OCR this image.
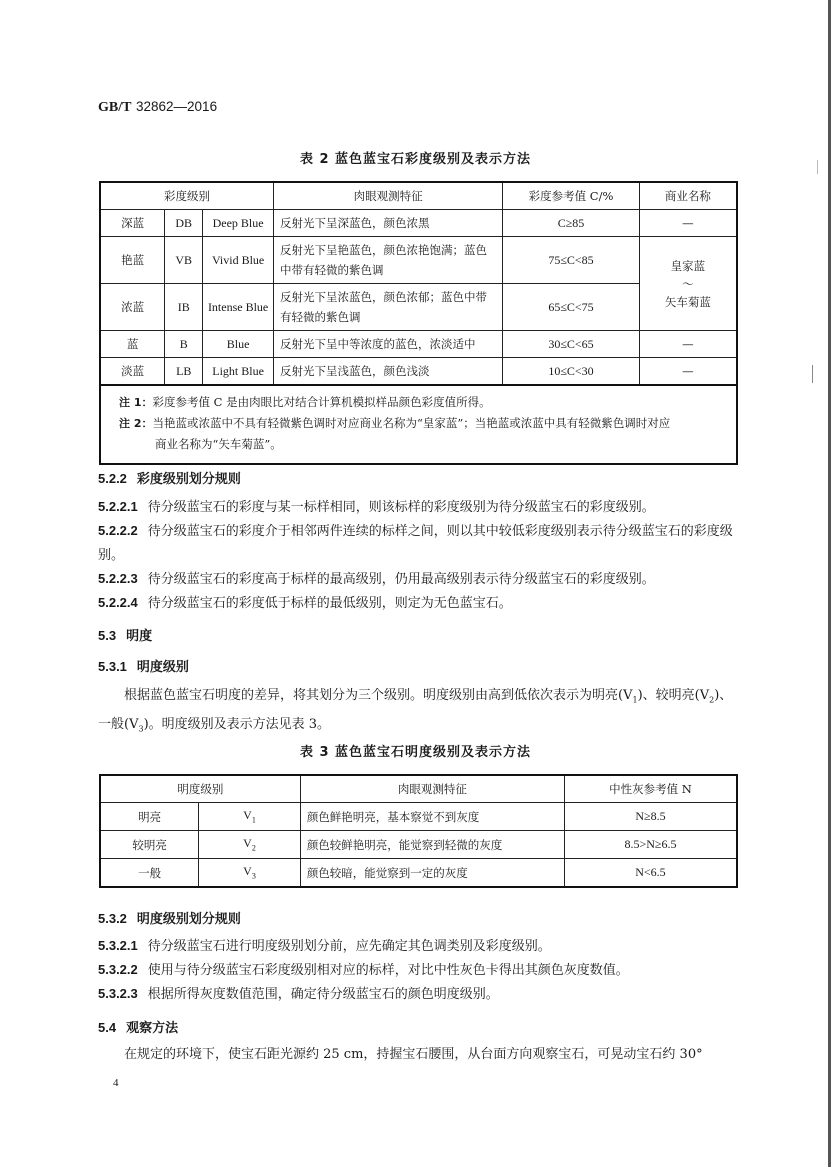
GB/T 32862—2016
表 2 蓝色蓝宝石彩度级别及表示方法
彩度级别			肉眼观测特征	彩度参考值 C/%	商业名称
深蓝	DB	Deep Blue	反射光下呈深蓝色，颜色浓黑	C≥85	—
艳蓝	VB	Vivid Blue	反射光下呈艳蓝色，颜色浓艳饱满；蓝色中带有轻微的紫色调	75≤C<85	皇家蓝
～
矢车菊蓝

浓蓝	IB	Intense Blue	反射光下呈浓蓝色，颜色浓郁；蓝色中带有轻微的紫色调	65≤C<75	
蓝	B	Blue	反射光下呈中等浓度的蓝色，浓淡适中	30≤C<65	—
淡蓝	LB	Light Blue	反射光下呈浅蓝色，颜色浅淡	10≤C<30	—

注 1：彩度参考值 C 是由肉眼比对结合计算机模拟样品颜色彩度值所得。
注 2：当艳蓝或浓蓝中不具有轻微紫色调时对应商业名称为“皇家蓝”；当艳蓝或浓蓝中具有轻微紫色调时对应
商业名称为“矢车菊蓝”。					
5.2.2 彩度级别划分规则
5.2.2.1 待分级蓝宝石的彩度与某一标样相同，则该标样的彩度级别为待分级蓝宝石的彩度级别。
5.2.2.2 待分级蓝宝石的彩度介于相邻两件连续的标样之间，则以其中较低彩度级别表示待分级蓝宝石的彩度级别。
5.2.2.3 待分级蓝宝石的彩度高于标样的最高级别，仍用最高级别表示待分级蓝宝石的彩度级别。
5.2.2.4 待分级蓝宝石的彩度低于标样的最低级别，则定为无色蓝宝石。
5.3 明度
5.3.1 明度级别
根据蓝色蓝宝石明度的差异，将其划分为三个级别。明度级别由高到低依次表示为明亮$(V_1)$、较明亮$(V_2)$、一般$(V_3)$。明度级别及表示方法见表 3。
表 3 蓝色蓝宝石明度级别及表示方法
明度级别		肉眼观测特征	中性灰参考值 N
明亮	$V_1$	颜色鲜艳明亮，基本察觉不到灰度	N≥8.5
较明亮	$V_2$	颜色较鲜艳明亮，能觉察到轻微的灰度	8.5>N≥6.5
一般	$V_3$	颜色较暗，能觉察到一定的灰度	N<6.5
5.3.2 明度级别划分规则
5.3.2.1 待分级蓝宝石进行明度级别划分前，应先确定其色调类别及彩度级别。
5.3.2.2 使用与待分级蓝宝石彩度级别相对应的标样，对比中性灰色卡得出其颜色灰度数值。
5.3.2.3 根据所得灰度数值范围，确定待分级蓝宝石的颜色明度级别。
5.4 观察方法
在规定的环境下，使宝石距光源约 25 cm，持握宝石腰围，从台面方向观察宝石，可晃动宝石约 30°
4
